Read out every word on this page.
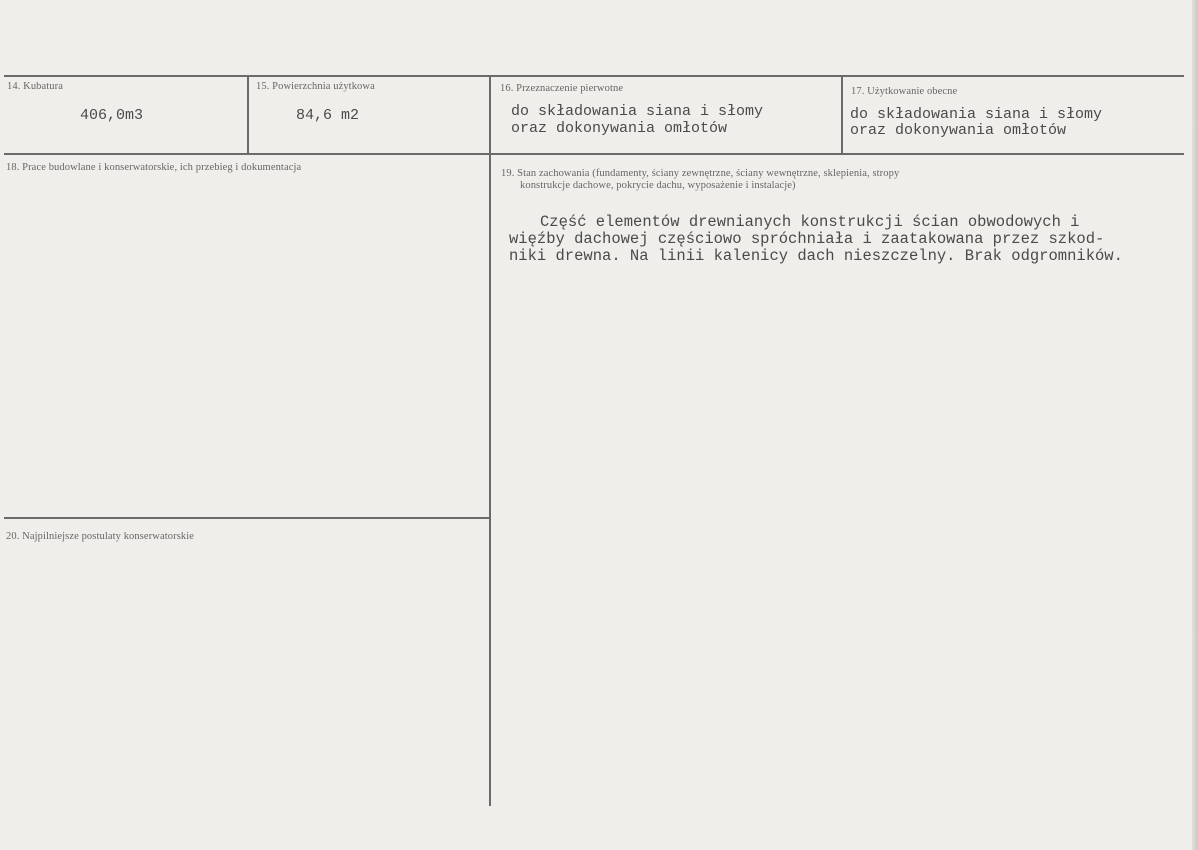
14. Kubatura
406,0m3
15. Powierzchnia użytkowa
84,6 m2
16. Przeznaczenie pierwotne
do składowania siana i słomy
oraz dokonywania omłotów
17. Użytkowanie obecne
do składowania siana i słomy
oraz dokonywania omłotów
18. Prace budowlane i konserwatorskie, ich przebieg i dokumentacja
19. Stan zachowania (fundamenty, ściany zewnętrzne, ściany wewnętrzne, sklepienia, stropy
konstrukcje dachowe, pokrycie dachu, wyposażenie i instalacje)
Część elementów drewnianych konstrukcji ścian obwodowych i
więźby dachowej częściowo spróchniała i zaatakowana przez szkod-
niki drewna. Na linii kalenicy dach nieszczelny. Brak odgromników.
20. Najpilniejsze postulaty konserwatorskie
